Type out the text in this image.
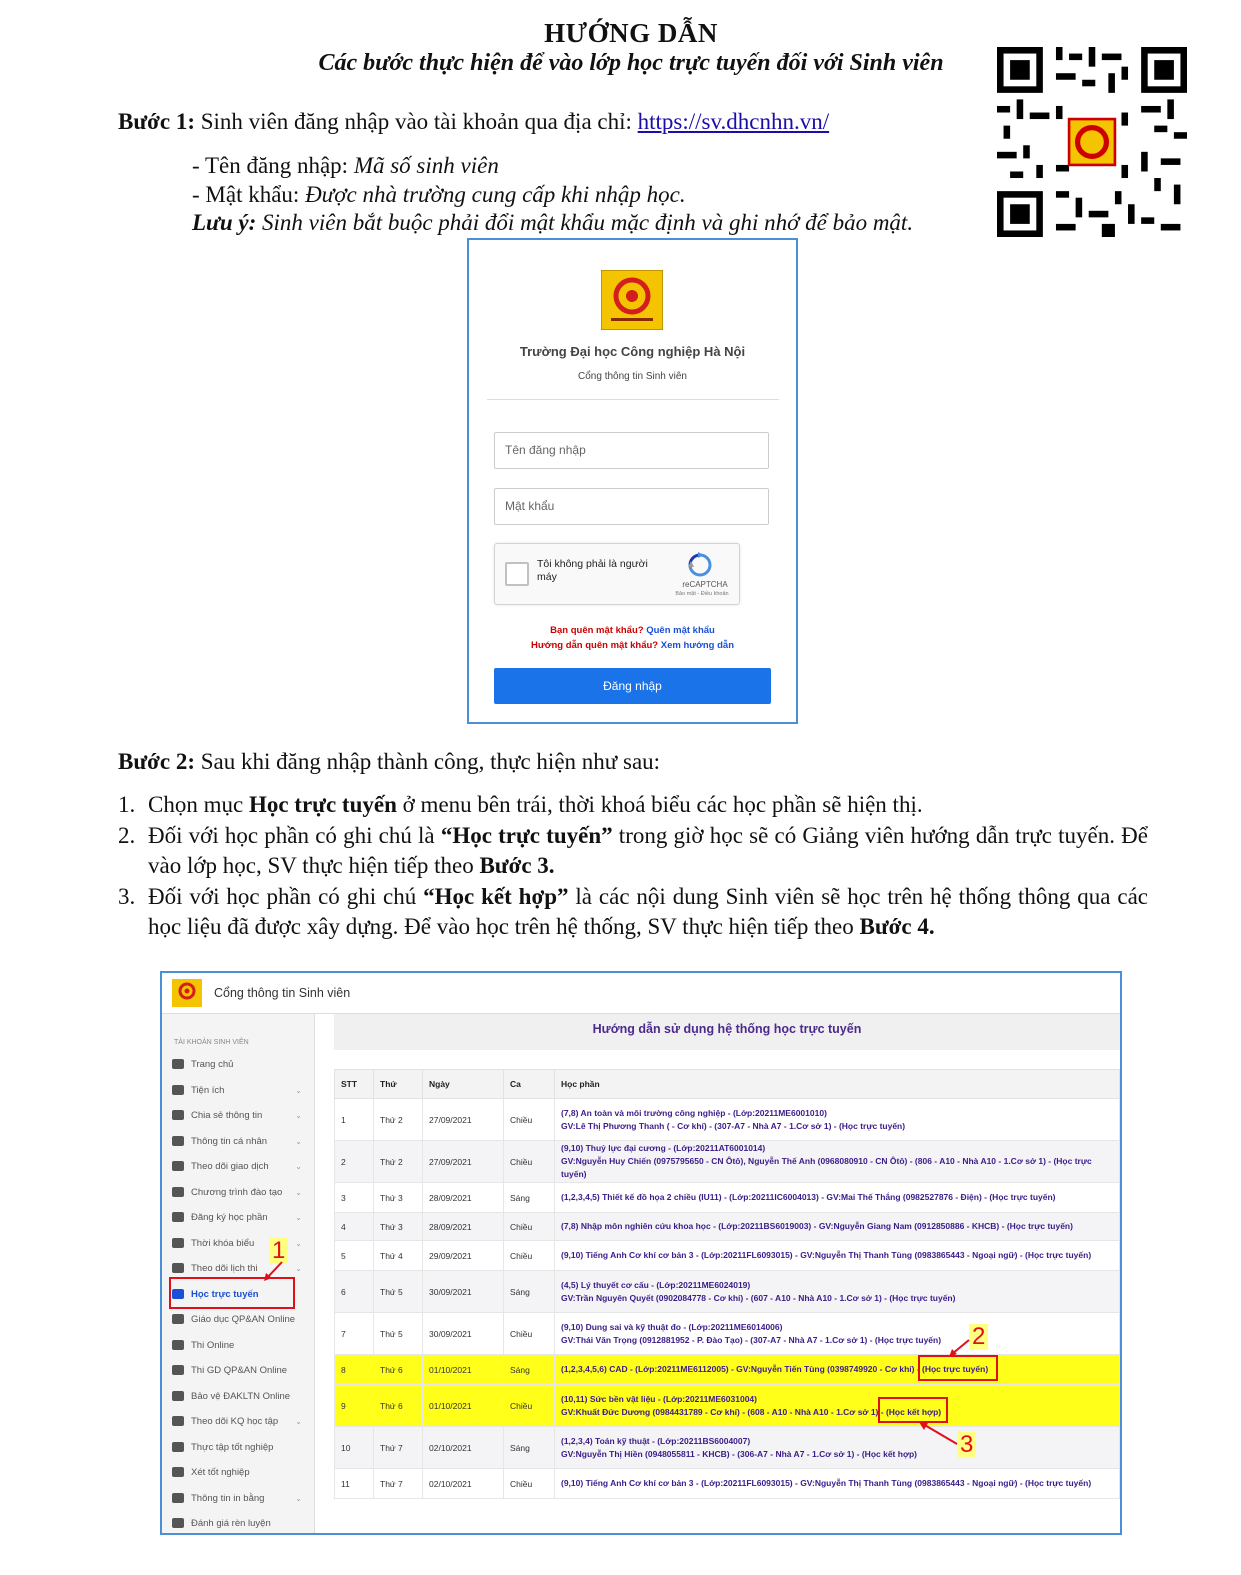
HƯỚNG DẪN
Các bước thực hiện để vào lớp học trực tuyến đối với Sinh viên
Bước 1: Sinh viên đăng nhập vào tài khoản qua địa chỉ: https://sv.dhcnhn.vn/
- Tên đăng nhập: Mã số sinh viên
- Mật khẩu: Được nhà trường cung cấp khi nhập học.
Lưu ý: Sinh viên bắt buộc phải đổi mật khẩu mặc định và ghi nhớ để bảo mật.
Trường Đại học Công nghiệp Hà Nội
Cổng thông tin Sinh viên
Tên đăng nhập
Mật khẩu
Tôi không phải là người máy
reCAPTCHA
Bảo mật - Điều khoản
Bạn quên mật khẩu? Quên mật khẩu
Hướng dẫn quên mật khẩu? Xem hướng dẫn
Đăng nhập
Bước 2: Sau khi đăng nhập thành công, thực hiện như sau:
1. Chọn mục Học trực tuyến ở menu bên trái, thời khoá biểu các học phần sẽ hiện thị.
2. Đối với học phần có ghi chú là “Học trực tuyến” trong giờ học sẽ có Giảng viên hướng dẫn trực tuyến. Để vào lớp học, SV thực hiện tiếp theo Bước 3.
3. Đối với học phần có ghi chú “Học kết hợp” là các nội dung Sinh viên sẽ học trên hệ thống thông qua các học liệu đã được xây dựng. Để vào học trên hệ thống, SV thực hiện tiếp theo Bước 4.
Cổng thông tin Sinh viên
TÀI KHOẢN SINH VIÊN
Trang chủ
Tiện ích	⌄
Chia sẻ thông tin	⌄
Thông tin cá nhân	⌄
Theo dõi giao dịch	⌄
Chương trình đào tạo ⌄
Đăng ký học phần	⌄
Thời khóa biểu	⌄
Theo dõi lịch thi	⌄
Học trực tuyến
Giáo dục QP&AN Online
Thi Online
Thi GD QP&AN Online
Bảo vệ ĐAKLTN Online
Theo dõi KQ học tập ⌄
Thực tập tốt nghiệp
Xét tốt nghiệp
Thông tin in bằng	⌄
Đánh giá rèn luyện
Hướng dẫn sử dụng hệ thống học trực tuyến
STT	Thứ	Ngày	Ca	Học phần
1	Thứ 2	27/09/2021	Chiều	(7,8) An toàn và môi trường công nghiệp - (Lớp:20211ME6001010)
GV:Lê Thị Phương Thanh ( - Cơ khí) - (307-A7 - Nhà A7 - 1.Cơ sở 1) - (Học trực tuyến)

2	Thứ 2	27/09/2021	Chiều	(9,10) Thuỷ lực đại cương - (Lớp:20211AT6001014)
GV:Nguyễn Huy Chiến (0975795650 - CN Ôtô), Nguyễn Thế Anh (0968080910 - CN Ôtô) - (806 - A10 - Nhà A10 - 1.Cơ sở 1) - (Học trực tuyến)

3	Thứ 3	28/09/2021	Sáng	(1,2,3,4,5) Thiết kế đồ họa 2 chiều (IU11) - (Lớp:20211IC6004013) - GV:Mai Thế Thắng (0982527876 - Điện) - (Học trực tuyến)

4	Thứ 3	28/09/2021	Chiều	(7,8) Nhập môn nghiên cứu khoa học - (Lớp:20211BS6019003) - GV:Nguyễn Giang Nam (0912850886 - KHCB) - (Học trực tuyến)

5	Thứ 4	29/09/2021	Chiều	(9,10) Tiếng Anh Cơ khí cơ bản 3 - (Lớp:20211FL6093015) - GV:Nguyễn Thị Thanh Tùng (0983865443 - Ngoại ngữ) - (Học trực tuyến)

6	Thứ 5	30/09/2021	Sáng	(4,5) Lý thuyết cơ cấu - (Lớp:20211ME6024019)
GV:Trần Nguyên Quyết (0902084778 - Cơ khí) - (607 - A10 - Nhà A10 - 1.Cơ sở 1) - (Học trực tuyến)

7	Thứ 5	30/09/2021	Chiều	(9,10) Dung sai và kỹ thuật đo - (Lớp:20211ME6014006)
GV:Thái Văn Trọng (0912881952 - P. Đào Tạo) - (307-A7 - Nhà A7 - 1.Cơ sở 1) - (Học trực tuyến)

8	Thứ 6	01/10/2021	Sáng	(1,2,3,4,5,6) CAD - (Lớp:20211ME6112005) - GV:Nguyễn Tiến Tùng (0398749920 - Cơ khí) - (Học trực tuyến)

9	Thứ 6	01/10/2021	Chiều	(10,11) Sức bền vật liệu - (Lớp:20211ME6031004)
GV:Khuất Đức Dương (0984431789 - Cơ khí) - (608 - A10 - Nhà A10 - 1.Cơ sở 1) - (Học kết hợp)

10	Thứ 7	02/10/2021	Sáng	(1,2,3,4) Toán kỹ thuật - (Lớp:20211BS6004007)
GV:Nguyễn Thị Hiền (0948055811 - KHCB) - (306-A7 - Nhà A7 - 1.Cơ sở 1) - (Học kết hợp)

11	Thứ 7	02/10/2021	Chiều	(9,10) Tiếng Anh Cơ khí cơ bản 3 - (Lớp:20211FL6093015) - GV:Nguyễn Thị Thanh Tùng (0983865443 - Ngoại ngữ) - (Học trực tuyến)
1
2
3
